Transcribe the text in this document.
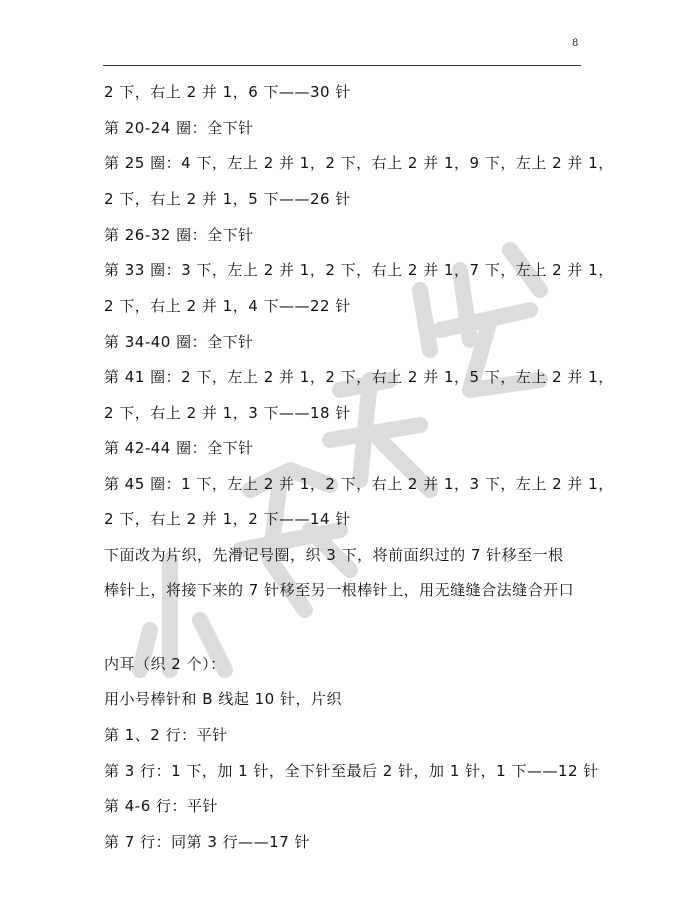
8
2 下，右上 2 并 1，6 下——30 针
第 20-24 圈：全下针
第 25 圈：4 下，左上 2 并 1，2 下，右上 2 并 1，9 下，左上 2 并 1，
2 下，右上 2 并 1，5 下——26 针
第 26-32 圈：全下针
第 33 圈：3 下，左上 2 并 1，2 下，右上 2 并 1，7 下，左上 2 并 1，
2 下，右上 2 并 1，4 下——22 针
第 34-40 圈：全下针
第 41 圈：2 下，左上 2 并 1，2 下，右上 2 并 1，5 下，左上 2 并 1，
2 下，右上 2 并 1，3 下——18 针
第 42-44 圈：全下针
第 45 圈：1 下，左上 2 并 1，2 下，右上 2 并 1，3 下，左上 2 并 1，
2 下，右上 2 并 1，2 下——14 针
下面改为片织，先滑记号圈，织 3 下，将前面织过的 7 针移至一根
棒针上，将接下来的 7 针移至另一根棒针上，用无缝缝合法缝合开口
内耳（织 2 个）：
用小号棒针和 B 线起 10 针，片织
第 1、2 行：平针
第 3 行：1 下，加 1 针，全下针至最后 2 针，加 1 针，1 下——12 针
第 4-6 行：平针
第 7 行：同第 3 行——17 针
